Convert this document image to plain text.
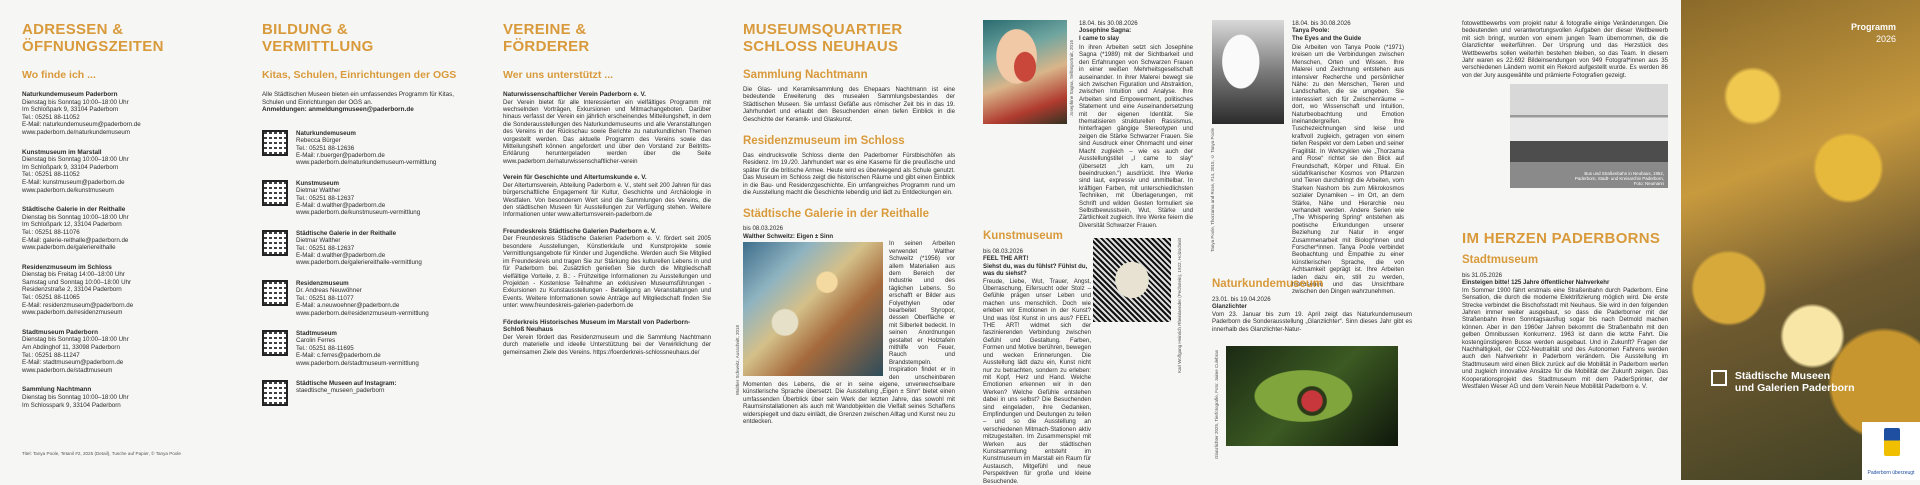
ADRESSEN & ÖFFNUNGSZEITEN
Wo finde ich ...
Naturkundemuseum Paderborn
Dienstag bis Sonntag 10:00–18:00 Uhr
Im Schloßpark 9, 33104 Paderborn
Tel.: 05251 88-11052
E-Mail: naturkundemuseum@paderborn.de
www.paderborn.de/naturkundemuseum
Kunstmuseum im Marstall
Dienstag bis Sonntag 10:00–18:00 Uhr
Im Schloßpark 9, 33104 Paderborn
Tel.: 05251 88-11052
E-Mail: kunstmuseum@paderborn.de
www.paderborn.de/kunstmuseum
Städtische Galerie in der Reithalle
Dienstag bis Sonntag 10:00–18:00 Uhr
Im Schloßpark 12, 33104 Paderborn
Tel.: 05251 88-11076
E-Mail: galerie-reithalle@paderborn.de
www.paderborn.de/galeriereithalle
Residenzmuseum im Schloss
Dienstag bis Freitag 14:00–18:00 Uhr
Samstag und Sonntag 10:00–18:00 Uhr
Residenzstraße 2, 33104 Paderborn
Tel.: 05251 88-11065
E-Mail: residenzmuseum@paderborn.de
www.paderborn.de/residenzmuseum
Stadtmuseum Paderborn
Dienstag bis Sonntag 10:00–18:00 Uhr
Am Abdinghof 11, 33098 Paderborn
Tel.: 05251 88-11247
E-Mail: stadtmuseum@paderborn.de
www.paderborn.de/stadtmuseum
Sammlung Nachtmann
Dienstag bis Sonntag 10:00–18:00 Uhr
Im Schlosspark 9, 33104 Paderborn
Titel: Tanya Poole, Tetanil #2, 2025 (Detail), Tusche auf Papier, © Tanya Poole
BILDUNG & VERMITTLUNG
Kitas, Schulen, Einrichtungen der OGS
Alle Städtischen Museen bieten ein umfassendes Programm für Kitas, Schulen und Einrichtungen der OGS an.
Anmeldungen: anmeldungmuseen@paderborn.de
Naturkundemuseum
Rebecca Bürger
Tel.: 05251 88-12636
E-Mail: r.buerger@paderborn.de
www.paderborn.de/naturkundemuseum-vermittlung
Kunstmuseum
Dietmar Walther
Tel.: 05251 88-12637
E-Mail: d.walther@paderborn.de
www.paderborn.de/kunstmuseum-vermittlung
Städtische Galerie in der Reithalle
Dietmar Walther
Tel.: 05251 88-12637
E-Mail: d.walther@paderborn.de
www.paderborn.de/galeriereithalle-vermittlung
Residenzmuseum
Dr. Andreas Neuwöhner
Tel.: 05251 88-11077
E-Mail: a.neuwoehner@paderborn.de
www.paderborn.de/residenzmuseum-vermittlung
Stadtmuseum
Carolin Ferres
Tel.: 05251 88-11695
E-Mail: c.ferres@paderborn.de
www.paderborn.de/stadtmuseum-vermittlung
Städtische Museen auf Instagram:
staedtische_museen_paderborn
VEREINE & FÖRDERER
Wer uns unterstützt ...
Naturwissenschaftlicher Verein Paderborn e. V.
Der Verein bietet für alle Interessierten ein vielfältiges Programm mit wechselnden Vorträgen, Exkursionen und Mitmachangeboten. Darüber hinaus verfasst der Verein ein jährlich erscheinendes Mitteilungsheft, in dem die Sonderausstellungen des Naturkundemuseums und alle Veranstaltungen des Vereins in der Rückschau sowie Berichte zu naturkundlichen Themen vorgestellt werden. Das aktuelle Programm des Vereins sowie das Mitteilungsheft können angefordert und über den Vorstand zur Beitritts-Erklärung heruntergeladen werden über die Seite www.paderborn.de/naturwissenschaftlicher-verein
Verein für Geschichte und Altertumskunde e. V.
Der Altertumsverein, Abteilung Paderborn e. V., steht seit 200 Jahren für das bürgerschaftliche Engagement für Kultur, Geschichte und Archäologie in Westfalen. Von besonderem Wert sind die Sammlungen des Vereins, die den städtischen Museen für Ausstellungen zur Verfügung stehen. Weitere Informationen unter www.altertumsverein-paderborn.de
Freundeskreis Städtische Galerien Paderborn e. V.
Der Freundeskreis Städtische Galerien Paderborn e. V. fördert seit 2005 besondere Ausstellungen, Künstlerkäufe und Kunstprojekte sowie Vermittlungsangebote für Kinder und Jugendliche. Werden auch Sie Mitglied im Freundeskreis und tragen Sie zur Stärkung des kulturellen Lebens in und für Paderborn bei. Zusätzlich genießen Sie durch die Mitgliedschaft vielfältige Vorteile, z. B.: - Frühzeitige Informationen zu Ausstellungen und Projekten - Kostenlose Teilnahme an exklusiven Museumsführungen - Exkursionen zu Kunstausstellungen - Beteiligung an Veranstaltungen und Events. Weitere Informationen sowie Anträge auf Mitgliedschaft finden Sie unter: www.freundeskreis-galerien-paderborn.de
Förderkreis Historisches Museum im Marstall von Paderborn-Schloß Neuhaus
Der Verein fördert das Residenzmuseum und die Sammlung Nachtmann durch materielle und ideelle Unterstützung bei der Verwirklichung der gemeinsamen Ziele des Vereins. https://foerderkreis-schlossneuhaus.de/
MUSEUMSQUARTIER SCHLOSS NEUHAUS
Sammlung Nachtmann
Die Glas- und Keramiksammlung des Ehepaars Nachtmann ist eine bedeutende Erweiterung des musealen Sammlungsbestandes der Städtischen Museen. Sie umfasst Gefäße aus römischer Zeit bis in das 19. Jahrhundert und erlaubt den Besuchenden einen tiefen Einblick in die Geschichte der Keramik- und Glaskunst.
Residenzmuseum im Schloss
Das eindrucksvolle Schloss diente den Paderborner Fürstbischöfen als Residenz. Im 19./20. Jahrhundert war es eine Kaserne für die preußische und später für die britische Armee. Heute wird es überwiegend als Schule genutzt. Das Museum im Schloss zeigt die historischen Räume und gibt einen Einblick in die Bau- und Residenzgeschichte. Ein umfangreiches Programm rund um die Ausstellung macht die Geschichte lebendig und lädt zu Entdeckungen ein.
Städtische Galerie in der Reithalle
bis 08.03.2026
Walther Schweitz: Eigen ± Sinn
In seinen Arbeiten verwendet Walther Schweitz (*1956) vor allem Materialien aus dem Bereich der Industrie und des täglichen Lebens. So erschafft er Bilder aus Folyethylen oder bearbeitet Styropor, dessen Oberfläche er mit Silberleit bedeckt. In seinen Anordnungen gestaltet er Holztafeln mithilfe von Feuer, Rauch und Brandstempeln. Inspiration findet er in den unscheinbaren Momenten des Lebens, die er in seine eigene, unverwechselbare künstlerische Sprache übersetzt. Die Ausstellung „Eigen ± Sinn“ bietet einen umfassenden Überblick über sein Werk der letzten Jahre, das sowohl mit Raumsinstallationen als auch mit Wandobjekten die Vielfalt seines Schaffens widerspiegelt und dazu einlädt, die Grenzen zwischen Alltag und Kunst neu zu entdecken.
Walther Schweitz, Ausschnitt, 2018
Josephine Sagna, Selbstportrait, 2016
18.04. bis 30.08.2026
Josephine Sagna:
I came to slay
In ihren Arbeiten setzt sich Josephine Sagna (*1989) mit der Sichtbarkeit und den Erfahrungen von Schwarzen Frauen in einer weißen Mehrheitsgesellschaft auseinander. In ihrer Malerei bewegt sie sich zwischen Figuration und Abstraktion, zwischen Intuition und Analyse. Ihre Arbeiten sind Empowerment, politisches Statement und eine Auseinandersetzung mit der eigenen Identität. Sie thematisieren strukturellen Rassismus, hinterfragen gängige Stereotypen und zeigen die Stärke Schwarzer Frauen. Sie sind Ausdruck einer Ohnmacht und einer Macht zugleich – wie es auch der Ausstellungstitel „I came to slay“ (übersetzt „Ich kam, um zu beeindrucken.“) ausdrückt. Ihre Werke sind laut, expressiv und unmittelbar. In kräftigen Farben, mit unterschiedlichsten Techniken, mit Überlagerungen, mit Schrift und wilden Gesten formuliert sie Selbstbewusstsein, Wut, Stärke und Zärtlichkeit zugleich. Ihre Werke feiern die Diversität Schwarzer Frauen.
Kunstmuseum
bis 08.03.2026
FEEL THE ART!
Siehst du, was du fühlst? Fühlst du, was du siehst?
Freude, Liebe, Wut, Trauer, Angst, Überraschung, Eifersucht oder Stolz – Gefühle prägen unser Leben und machen uns menschlich. Doch wie erleben wir Emotionen in der Kunst? Und was löst Kunst in uns aus? FEEL THE ART! widmet sich der faszinierenden Verbindung zwischen Gefühl und Gestaltung. Farben, Formen und Motive berühren, bewegen und wecken Erinnerungen. Die Ausstellung lädt dazu ein, Kunst nicht nur zu betrachten, sondern zu erleben: mit Kopf, Herz und Hand. Welche Emotionen erkennen wir in den Werken? Welche Gefühle entstehen dabei in uns selbst? Die Besuchenden sind eingeladen, ihre Gedanken, Empfindungen und Deutungen zu teilen – und so die Ausstellung an verschiedenen Mitmach-Stationen aktiv mitzugestalten. Im Zusammenspiel mit Werken aus der städtischen Kunstsammlung entsteht im Kunstmuseum im Marstall ein Raum für Austausch, Mitgefühl und neue Perspektiven für große und kleine Besuchende.
Karl Wolfgang Heinrich Rheinlaender (Pechstein), 1922, Holzschnitt
Tanya Poole, Thorzama and Rose, #14, 2015, © Tanya Poole
18.04. bis 30.08.2026
Tanya Poole:
The Eyes and the Guide
Die Arbeiten von Tanya Poole (*1971) kreisen um die Verbindungen zwischen Menschen, Orten und Wissen. Ihre Malerei und Zeichnung entstehen aus intensiver Recherche und persönlicher Nähe: zu den Menschen, Tieren und Landschaften, die sie umgeben. Sie interessiert sich für Zwischenräume – dort, wo Wissenschaft und Intuition, Naturbeobachtung und Emotion ineinandergreifen. Ihre Tuschezeichnungen sind leise und kraftvoll zugleich, getragen von einem tiefen Respekt vor dem Leben und seiner Fragilität. In Werkzyklen wie „Thorzama and Rose“ richtet sie den Blick auf Freundschaft, Körper und Ritual. Ein südafrikanischer Kosmos von Pflanzen und Tieren durchdringt die Arbeiten, vom Starken Nashorn bis zum Mikrokosmos sozialer Dynamiken – im Ort, an dem Stärke, Nähe und Hierarchie neu verhandelt werden. Andere Serien wie „The Whispering Spring“ entstehen als poetische Erkundungen unserer Beziehung zur Natur in enger Zusammenarbeit mit Biolog*innen und Forscher*innen. Tanya Poole verbindet Beobachtung und Empathie zu einer künstlerischen Sprache, die von Achtsamkeit geprägt ist. Ihre Arbeiten laden dazu ein, still zu werden, hinzusehen und das Unsichtbare zwischen den Dingen wahrzunehmen.
Naturkundemuseum
23.01. bis 19.04.2026
Glanzlichter
Vom 23. Januar bis zum 19. April zeigt das Naturkundemuseum Paderborn die Sonderausstellung „Glanzlichter“. Sinn dieses Jahr gibt es innerhalb des Glanzlichter-Natur-
Glanzlichter 2025, Tierfotografie, Foto: Jaime Culebras
fotowettbewerbs vom projekt natur & fotografie einige Veränderungen. Die bedeutenden und verantwortungsvollen Aufgaben der dieser Wettbewerb mit sich bringt, wurden von einem jungen Team übernommen, die die Glanzlichter weiterführen. Der Ursprung und das Herzstück des Wettbewerbs sollen weiterhin bestehen bleiben, so das Team. In diesem Jahr waren es 22.692 Bildeinsendungen von 949 Fotograf*innen aus 35 verschiedenen Ländern womit ein Rekord aufgestellt wurde. Es werden 86 von der Jury ausgewählte und prämierte Fotografien gezeigt.
Bus und Straßenbahn in Neuhaus, 1952, Paderborn, Stadt- und Kreisarchiv Paderborn, Foto: Neumann
IM HERZEN PADERBORNS
Stadtmuseum
bis 31.05.2026
Einsteigen bitte! 125 Jahre öffentlicher Nahverkehr
Im Sommer 1900 fährt erstmals eine Straßenbahn durch Paderborn. Eine Sensation, die durch die moderne Elektrifizierung möglich wird. Die erste Strecke verbindet die Bischofsstadt mit Neuhaus. Sie wird in den folgenden Jahren immer weiter ausgebaut, so dass die Paderborner mit der Straßenbahn ihren Sonntagsausflug sogar bis nach Detmold machen können. Aber in den 1960er Jahren bekommt die Straßenbahn mit den gelben Omnibussen Konkurrenz. 1963 ist dann die letzte Fahrt. Die kostengünstigeren Busse werden ausgebaut. Und in Zukunft? Fragen der Nachhaltigkeit, der CO2-Neutralität und des Autonomen Fahrens werden auch den Nahverkehr in Paderborn verändern. Die Ausstellung im Stadtmuseum wird einen Blick zurück auf die Mobilität in Paderborn werfen und zugleich innovative Ansätze für die Mobilität der Zukunft zeigen. Das Kooperationsprojekt des Stadtmuseum mit dem PaderSprinter, der Westfalen Weser AG und dem Verein Neue Mobilität Paderborn e. V.
Programm
2026

Städtische Museen
und Galerien Paderborn
Paderborn überzeugt
